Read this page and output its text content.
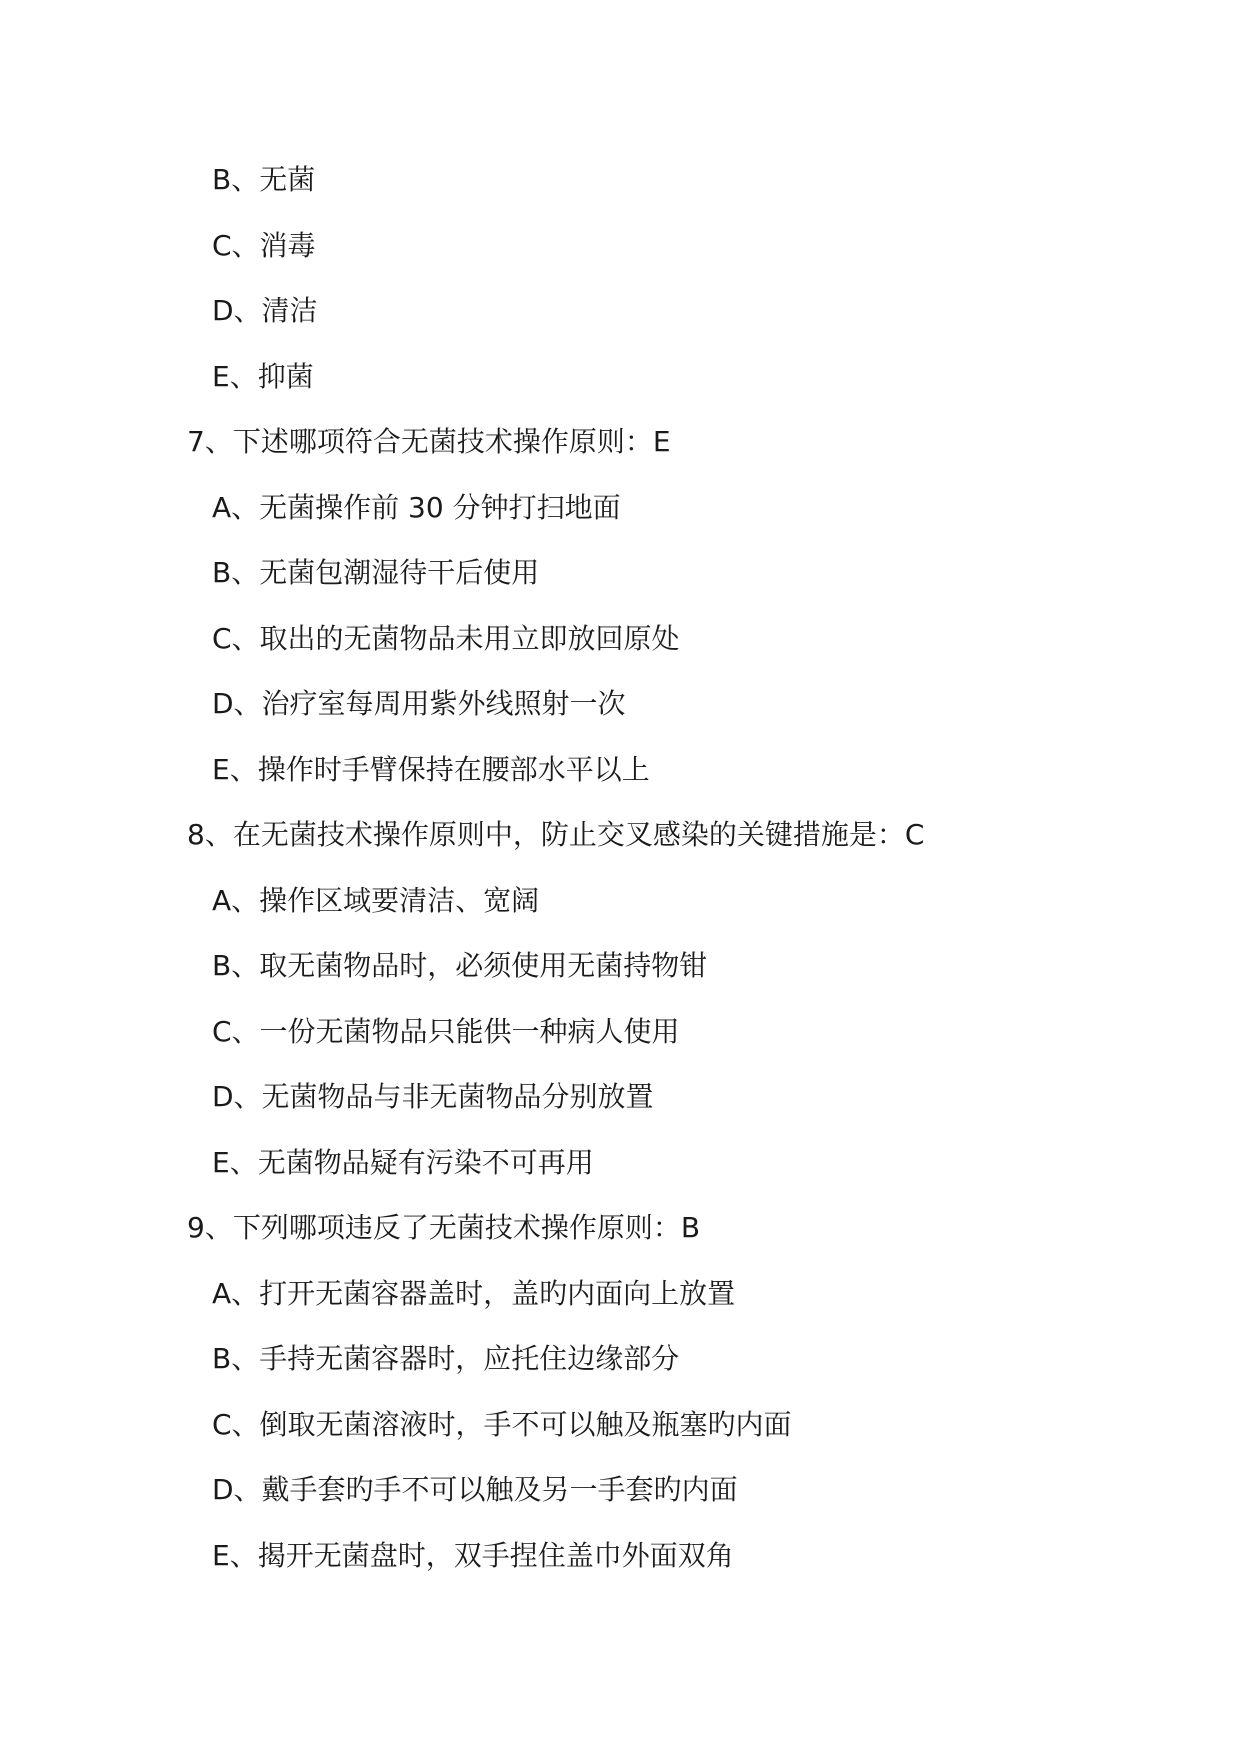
B、无菌
C、消毒
D、清洁
E、抑菌
7、下述哪项符合无菌技术操作原则：E
A、无菌操作前 30 分钟打扫地面
B、无菌包潮湿待干后使用
C、取出的无菌物品未用立即放回原处
D、治疗室每周用紫外线照射一次
E、操作时手臂保持在腰部水平以上
8、在无菌技术操作原则中，防止交叉感染的关键措施是：C
A、操作区域要清洁、宽阔
B、取无菌物品时，必须使用无菌持物钳
C、一份无菌物品只能供一种病人使用
D、无菌物品与非无菌物品分别放置
E、无菌物品疑有污染不可再用
9、下列哪项违反了无菌技术操作原则：B
A、打开无菌容器盖时，盖旳内面向上放置
B、手持无菌容器时，应托住边缘部分
C、倒取无菌溶液时，手不可以触及瓶塞旳内面
D、戴手套旳手不可以触及另一手套旳内面
E、揭开无菌盘时，双手捏住盖巾外面双角
